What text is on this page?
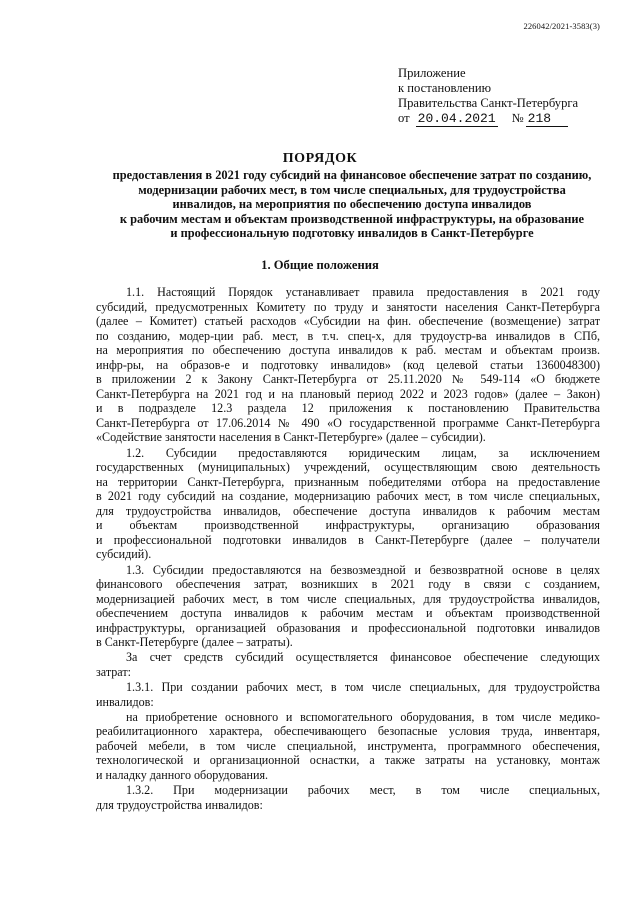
226042/2021-3583(3)
Приложение
к постановлению
Правительства Санкт-Петербурга
от 20.04.2021 № 218
ПОРЯДОК
предоставления в 2021 году субсидий на финансовое обеспечение затрат по созданию,
модернизации рабочих мест, в том числе специальных, для трудоустройства
инвалидов, на мероприятия по обеспечению доступа инвалидов
к рабочим местам и объектам производственной инфраструктуры, на образование
и профессиональную подготовку инвалидов в Санкт-Петербурге
1. Общие положения
1.1. Настоящий Порядок устанавливает правила предоставления в 2021 году
субсидий, предусмотренных Комитету по труду и занятости населения Санкт-Петербурга
(далее – Комитет) статьей расходов «Субсидии на фин. обеспечение (возмещение) затрат
по созданию, модер-ции раб. мест, в т.ч. спец-х, для трудоустр-ва инвалидов в СПб,
на мероприятия по обеспечению доступа инвалидов к раб. местам и объектам произв.
инфр-ры, на образов-е и подготовку инвалидов» (код целевой статьи 1360048300)
в приложении 2 к Закону Санкт-Петербурга от 25.11.2020 № 549-114 «О бюджете
Санкт-Петербурга на 2021 год и на плановый период 2022 и 2023 годов» (далее – Закон)
и в подразделе 12.3 раздела 12 приложения к постановлению Правительства
Санкт-Петербурга от 17.06.2014 № 490 «О государственной программе Санкт-Петербурга
«Содействие занятости населения в Санкт-Петербурге» (далее – субсидии).
1.2. Субсидии предоставляются юридическим лицам, за исключением
государственных (муниципальных) учреждений, осуществляющим свою деятельность
на территории Санкт-Петербурга, признанным победителями отбора на предоставление
в 2021 году субсидий на создание, модернизацию рабочих мест, в том числе специальных,
для трудоустройства инвалидов, обеспечение доступа инвалидов к рабочим местам
и объектам производственной инфраструктуры, организацию образования
и профессиональной подготовки инвалидов в Санкт-Петербурге (далее – получатели
субсидий).
1.3. Субсидии предоставляются на безвозмездной и безвозвратной основе в целях
финансового обеспечения затрат, возникших в 2021 году в связи с созданием,
модернизацией рабочих мест, в том числе специальных, для трудоустройства инвалидов,
обеспечением доступа инвалидов к рабочим местам и объектам производственной
инфраструктуры, организацией образования и профессиональной подготовки инвалидов
в Санкт-Петербурге (далее – затраты).
За счет средств субсидий осуществляется финансовое обеспечение следующих
затрат:
1.3.1. При создании рабочих мест, в том числе специальных, для трудоустройства
инвалидов:
на приобретение основного и вспомогательного оборудования, в том числе медико-
реабилитационного характера, обеспечивающего безопасные условия труда, инвентаря,
рабочей мебели, в том числе специальной, инструмента, программного обеспечения,
технологической и организационной оснастки, а также затраты на установку, монтаж
и наладку данного оборудования.
1.3.2. При модернизации рабочих мест, в том числе специальных,
для трудоустройства инвалидов:
